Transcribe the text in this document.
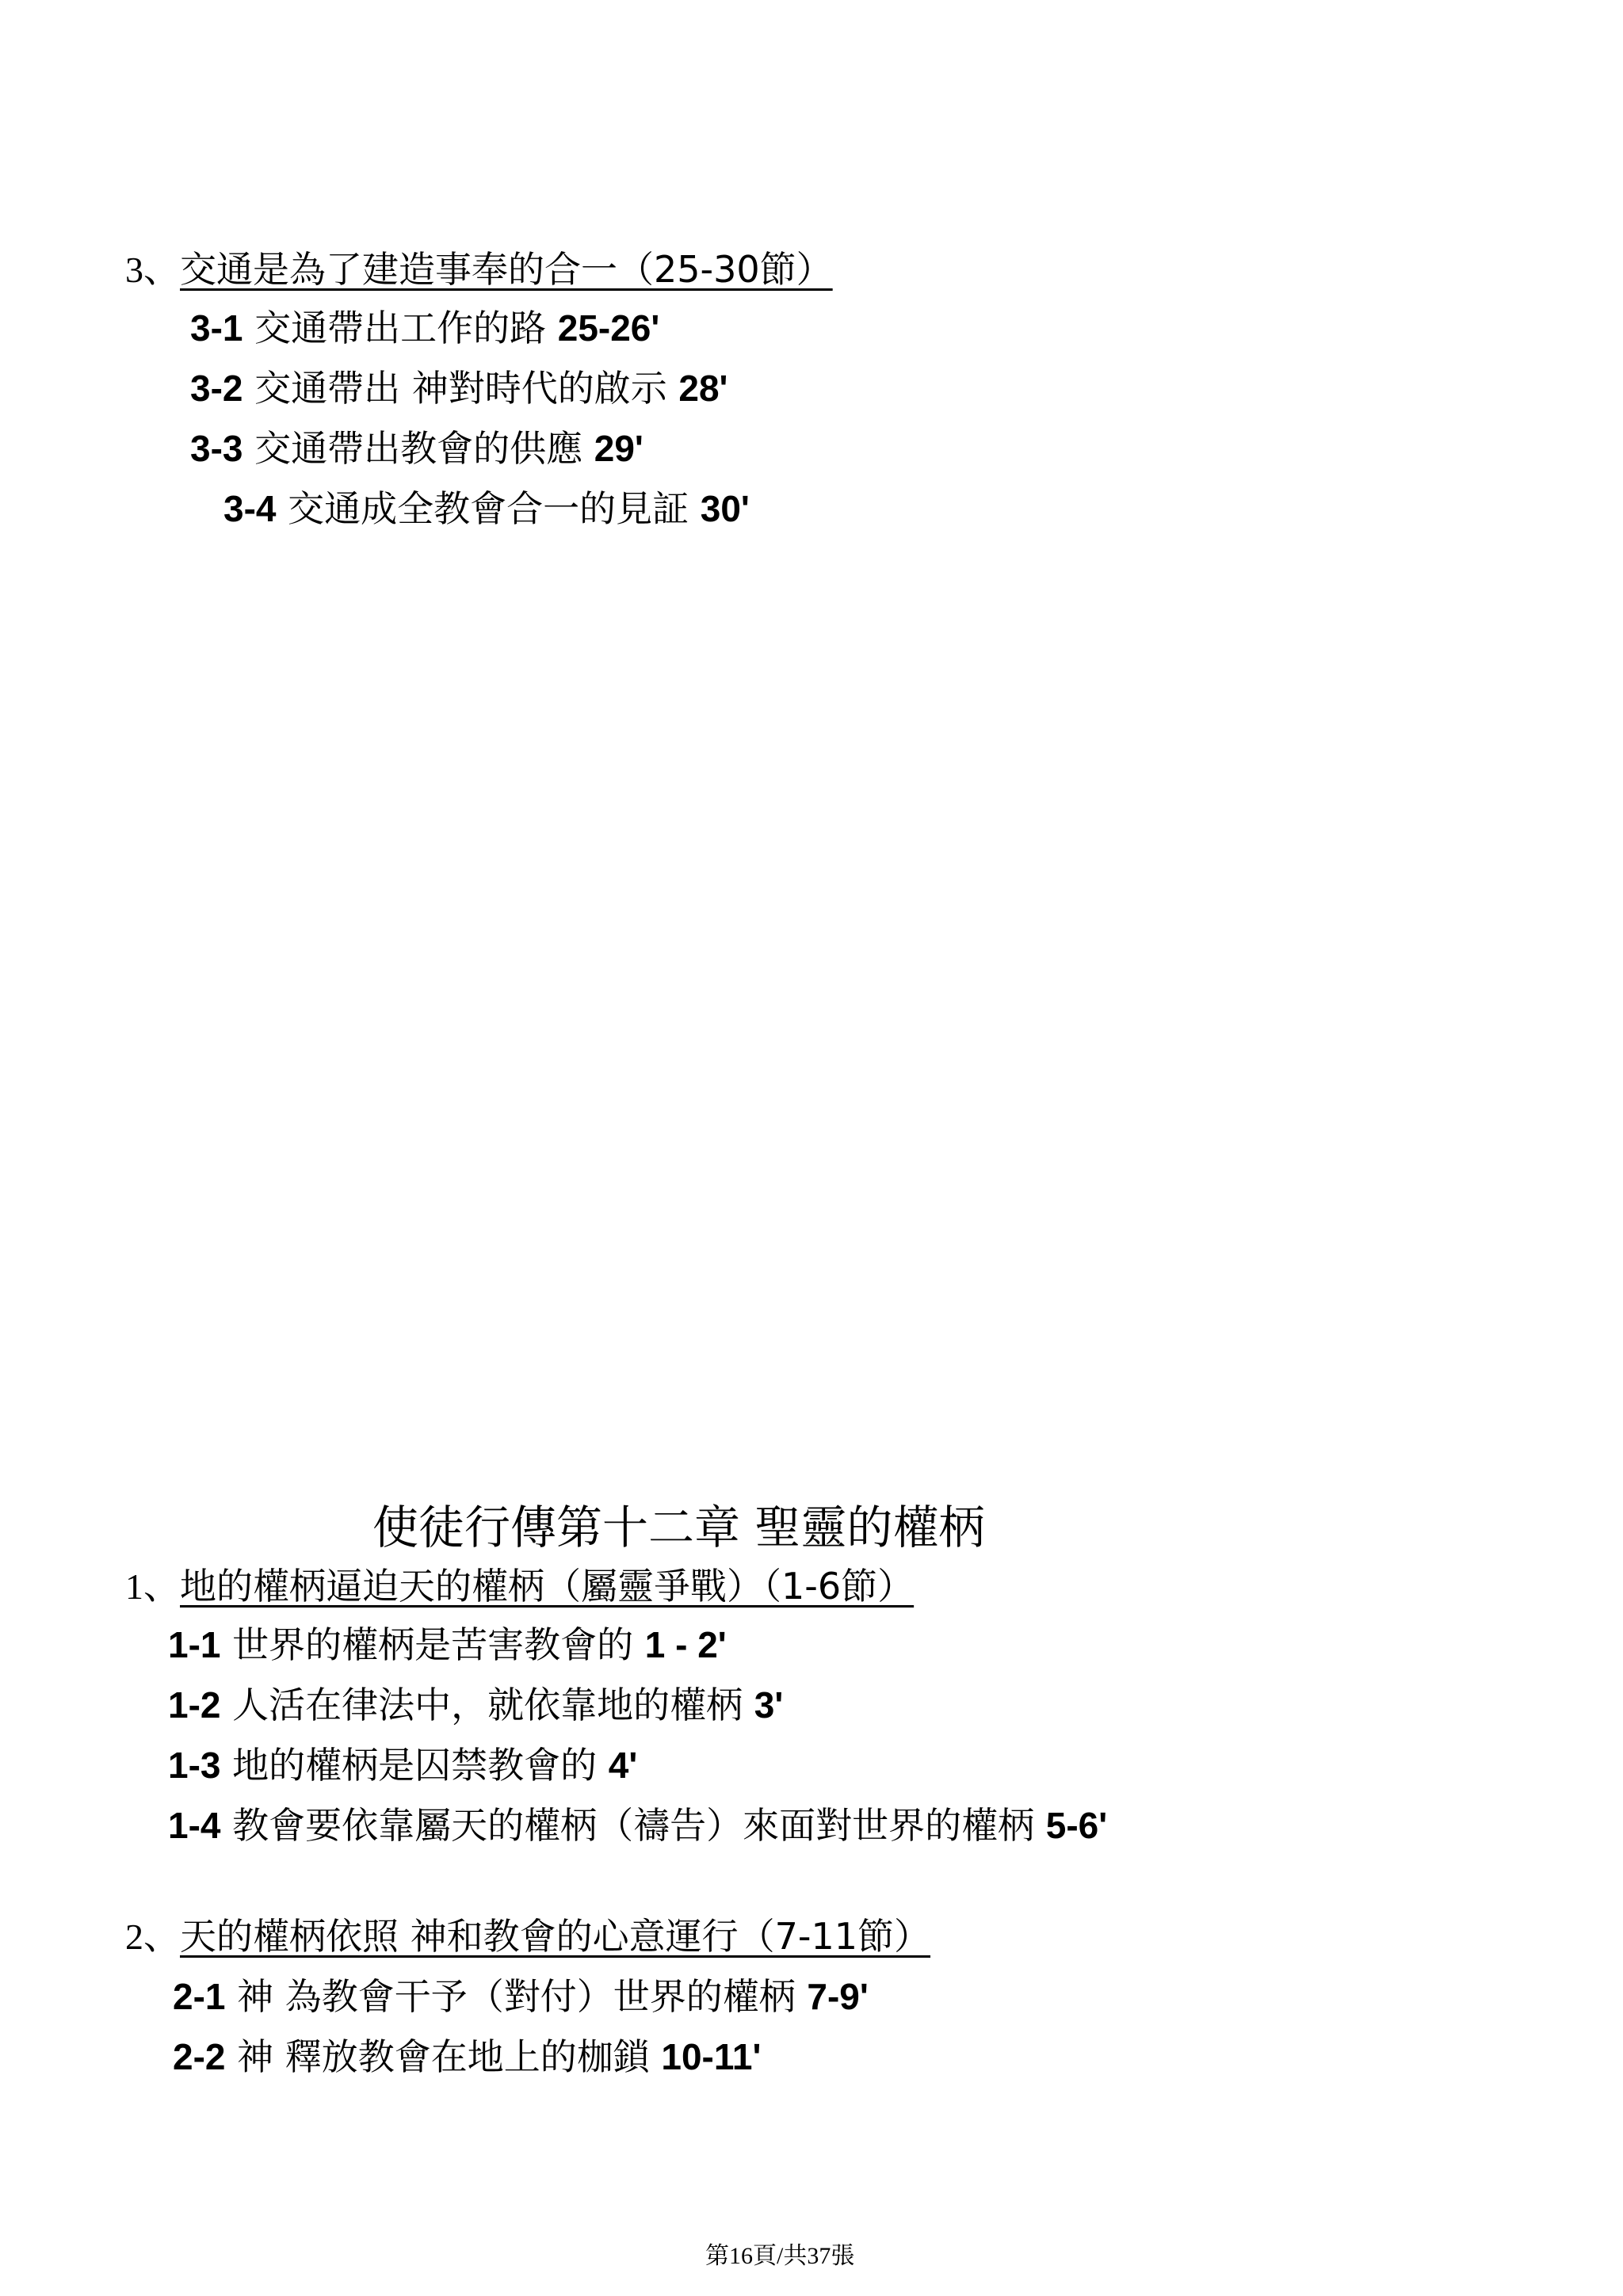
3、交通是為了建造事奉的合一（25-30節）
3-1 交通帶出工作的路 25-26'
3-2 交通帶出 神對時代的啟示 28'
3-3 交通帶出教會的供應 29'
3-4 交通成全教會合一的見証 30'
使徒行傳第十二章 聖靈的權柄
1、地的權柄逼迫天的權柄（屬靈爭戰）（1-6節）
1-1 世界的權柄是苦害教會的 1 - 2'
1-2 人活在律法中，就依靠地的權柄 3'
1-3 地的權柄是囚禁教會的 4'
1-4 教會要依靠屬天的權柄（禱告）來面對世界的權柄 5-6'
2、天的權柄依照 神和教會的心意運行（7-11節）
2-1 神 為教會干予（對付）世界的權柄 7-9'
2-2 神 釋放教會在地上的枷鎖 10-11'
第16頁/共37張
